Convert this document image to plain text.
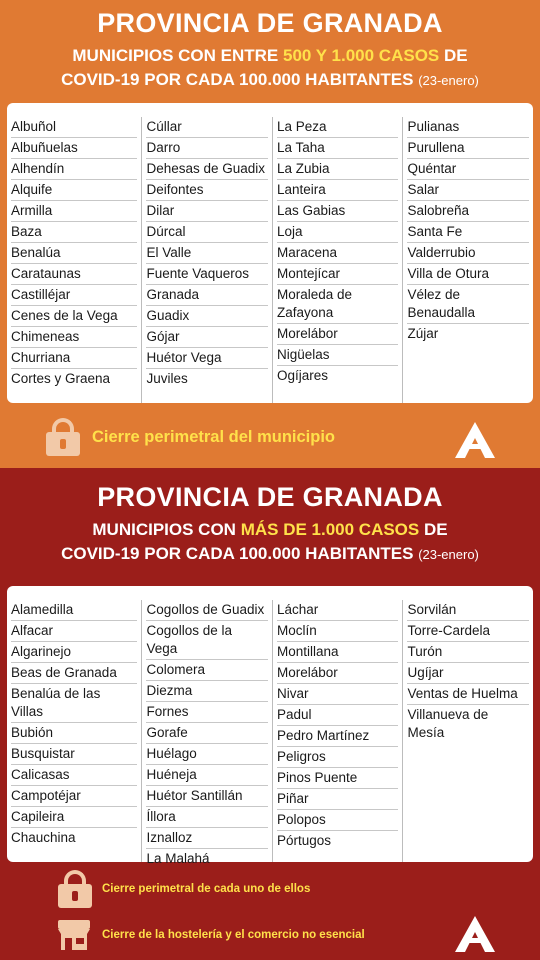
PROVINCIA DE GRANADA
MUNICIPIOS CON ENTRE 500 Y 1.000 CASOS DE
COVID-19 POR CADA 100.000 HABITANTES (23-enero)
Albuñol
Albuñuelas
Alhendín
Alquife
Armilla
Baza
Benalúa
Carataunas
Castilléjar
Cenes de la Vega
Chimeneas
Churriana
Cortes y Graena
Cúllar
Darro
Dehesas de Guadix
Deifontes
Dilar
Dúrcal
El Valle
Fuente Vaqueros
Granada
Guadix
Gójar
Huétor Vega
Juviles
La Peza
La Taha
La Zubia
Lanteira
Las Gabias
Loja
Maracena
Montejícar
Moraleda de Zafayona
Morelábor
Nigüelas
Ogíjares
Pulianas
Purullena
Quéntar
Salar
Salobreña
Santa Fe
Valderrubio
Villa de Otura
Vélez de Benaudalla
Zújar
Cierre perimetral del municipio
PROVINCIA DE GRANADA
MUNICIPIOS CON MÁS DE 1.000 CASOS DE
COVID-19 POR CADA 100.000 HABITANTES (23-enero)
Alamedilla
Alfacar
Algarinejo
Beas de Granada
Benalúa de las Villas
Bubión
Busquistar
Calicasas
Campotéjar
Capileira
Chauchina
Cogollos de Guadix
Cogollos de la Vega
Colomera
Diezma
Fornes
Gorafe
Huélago
Huéneja
Huétor Santillán
Íllora
Iznalloz
La Malahá
Láchar
Moclín
Montillana
Morelábor
Nivar
Padul
Pedro Martínez
Peligros
Pinos Puente
Piñar
Polopos
Pórtugos
Sorvilán
Torre-Cardela
Turón
Ugíjar
Ventas de Huelma
Villanueva de Mesía
Cierre perimetral de cada uno de ellos
Cierre de la hostelería y el comercio no esencial
